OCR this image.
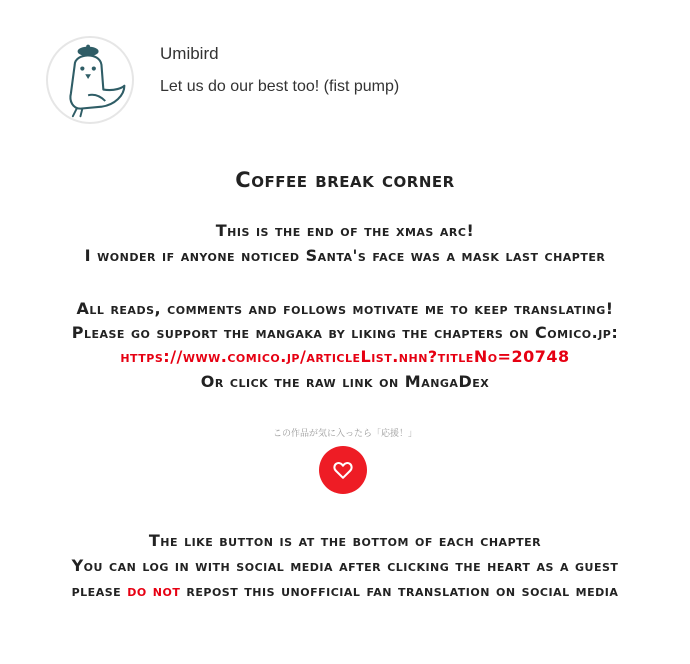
Umibird
Let us do our best too! (fist pump)
Coffee break corner
This is the end of the xmas arc!
I wonder if anyone noticed Santa's face was a mask last chapter
All reads, comments and follows motivate me to keep translating!
Please go support the mangaka by liking the chapters on Comico.jp:
https://www.comico.jp/articleList.nhn?titleNo=20748
Or click the raw link on MangaDex
この作品が気に入ったら「応援！」
The like button is at the bottom of each chapter
You can log in with social media after clicking the heart as a guest
please do not repost this unofficial fan translation on social media
